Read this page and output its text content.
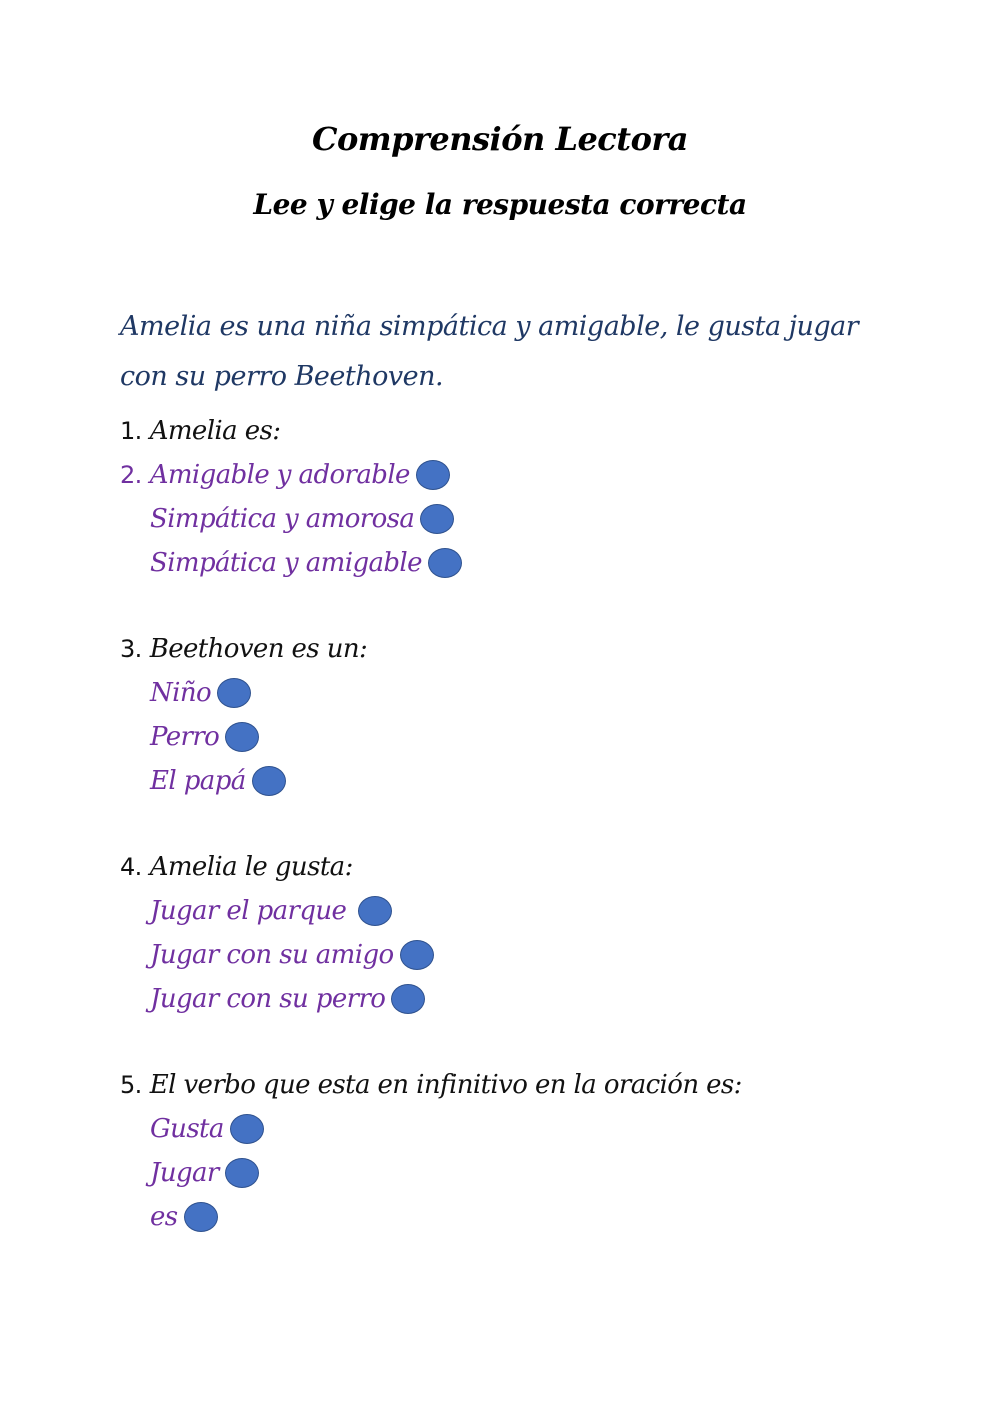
Comprensión Lectora
Lee y elige la respuesta correcta
Amelia es una niña simpática y amigable, le gusta jugar con su perro Beethoven.
1. Amelia es:
2. Amigable y adorable
Simpática y amorosa
Simpática y amigable
3. Beethoven es un:
Niño
Perro
El papá
4. Amelia le gusta:
Jugar el parque
Jugar con su amigo
Jugar con su perro
5. El verbo que esta en infinitivo en la oración es:
Gusta
Jugar
es
